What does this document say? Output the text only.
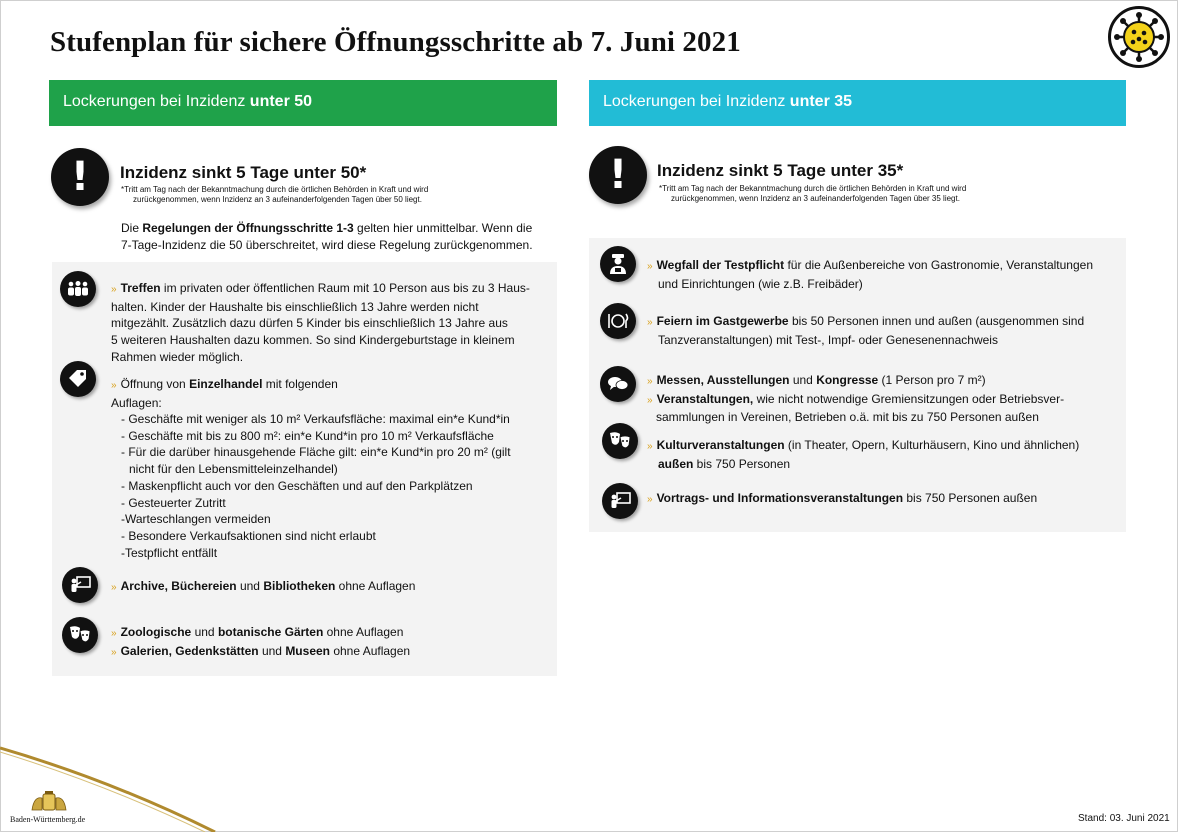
Stufenplan für sichere Öffnungsschritte ab 7. Juni 2021
Lockerungen bei Inzidenz unter 50
!	Inzidenz sinkt 5 Tage unter 50*
*Tritt am Tag nach der Bekanntmachung durch die örtlichen Behörden in Kraft und wird
zurückgenommen, wenn Inzidenz an 3 aufeinanderfolgenden Tagen über 50 liegt.
Die Regelungen der Öffnungsschritte 1-3 gelten hier unmittelbar. Wenn die
7-Tage-Inzidenz die 50 überschreitet, wird diese Regelung zurückgenommen.
» Treffen im privaten oder öffentlichen Raum mit 10 Person aus bis zu 3 Haus-
halten. Kinder der Haushalte bis einschließlich 13 Jahre werden nicht
mitgezählt. Zusätzlich dazu dürfen 5 Kinder bis einschließlich 13 Jahre aus
5 weiteren Haushalten dazu kommen. So sind Kindergeburtstage in kleinem
Rahmen wieder möglich.
» Öffnung von Einzelhandel mit folgenden
Auflagen:
- Geschäfte mit weniger als 10 m² Verkaufsfläche: maximal ein*e Kund*in
- Geschäfte mit bis zu 800 m²: ein*e Kund*in pro 10 m² Verkaufsfläche
- Für die darüber hinausgehende Fläche gilt: ein*e Kund*in pro 20 m² (gilt
nicht für den Lebensmitteleinzelhandel)
- Maskenpflicht auch vor den Geschäften und auf den Parkplätzen
- Gesteuerter Zutritt
-Warteschlangen vermeiden
- Besondere Verkaufsaktionen sind nicht erlaubt
-Testpflicht entfällt
» Archive, Büchereien und Bibliotheken ohne Auflagen
» Zoologische und botanische Gärten ohne Auflagen
» Galerien, Gedenkstätten und Museen ohne Auflagen
Lockerungen bei Inzidenz unter 35
!	Inzidenz sinkt 5 Tage unter 35*
*Tritt am Tag nach der Bekanntmachung durch die örtlichen Behörden in Kraft und wird
zurückgenommen, wenn Inzidenz an 3 aufeinanderfolgenden Tagen über 35 liegt.
» Wegfall der Testpflicht für die Außenbereiche von Gastronomie, Veranstaltungen
und Einrichtungen (wie z.B. Freibäder)
» Feiern im Gastgewerbe bis 50 Personen innen und außen (ausgenommen sind
Tanzveranstaltungen) mit Test-, Impf- oder Genesenennachweis
» Messen, Ausstellungen und Kongresse (1 Person pro 7 m²)
» Veranstaltungen, wie nicht notwendige Gremiensitzungen oder Betriebsver-
sammlungen in Vereinen, Betrieben o.ä. mit bis zu 750 Personen außen
» Kulturveranstaltungen (in Theater, Opern, Kulturhäusern, Kino und ähnlichen)
außen bis 750 Personen
» Vortrags- und Informationsveranstaltungen bis 750 Personen außen
Baden-Württemberg.de	Stand: 03. Juni 2021
